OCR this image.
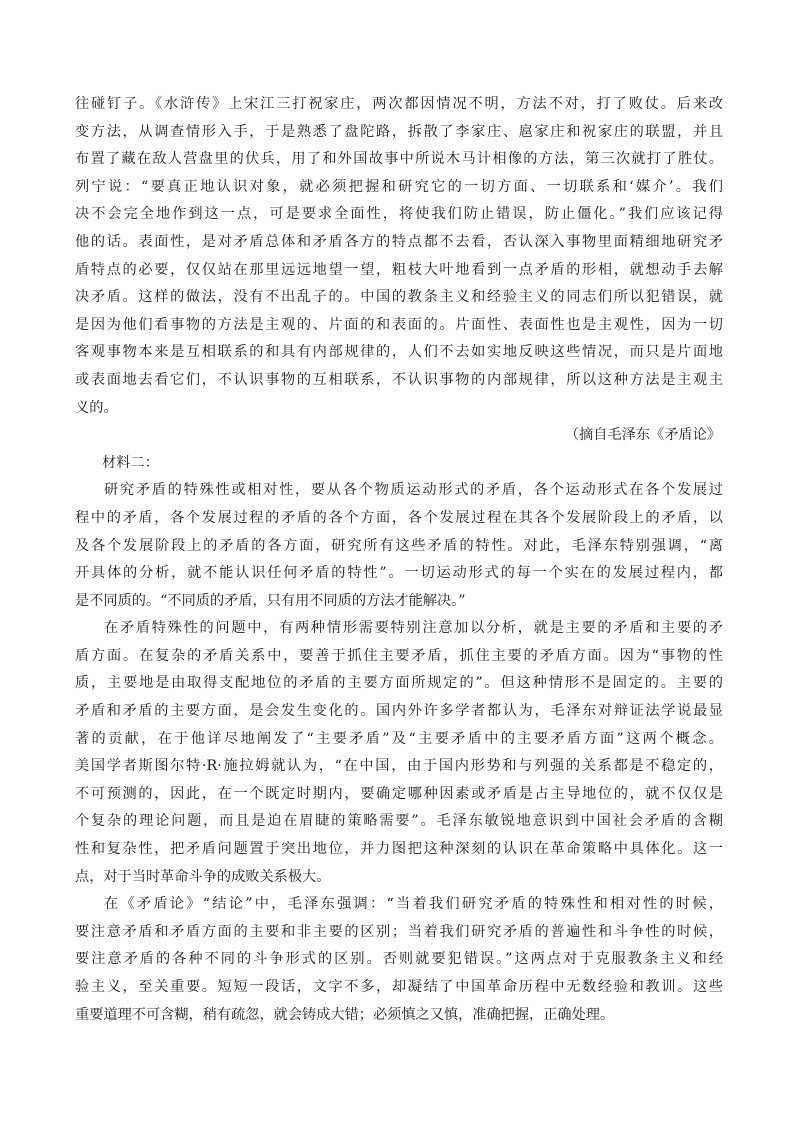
往碰钉子。《水浒传》上宋江三打祝家庄，两次都因情况不明，方法不对，打了败仗。后来改
变方法，从调查情形入手，于是熟悉了盘陀路，拆散了李家庄、扈家庄和祝家庄的联盟，并且
布置了藏在敌人营盘里的伏兵，用了和外国故事中所说木马计相像的方法，第三次就打了胜仗。
列宁说：“要真正地认识对象，就必须把握和研究它的一切方面、一切联系和‘媒介’。我们
决不会完全地作到这一点，可是要求全面性，将使我们防止错误，防止僵化。”我们应该记得
他的话。表面性，是对矛盾总体和矛盾各方的特点都不去看，否认深入事物里面精细地研究矛
盾特点的必要，仅仅站在那里远远地望一望，粗枝大叶地看到一点矛盾的形相，就想动手去解
决矛盾。这样的做法，没有不出乱子的。中国的教条主义和经验主义的同志们所以犯错误，就
是因为他们看事物的方法是主观的、片面的和表面的。片面性、表面性也是主观性，因为一切
客观事物本来是互相联系的和具有内部规律的，人们不去如实地反映这些情况，而只是片面地
或表面地去看它们，不认识事物的互相联系，不认识事物的内部规律，所以这种方法是主观主
义的。
（摘自毛泽东《矛盾论》
材料二：
研究矛盾的特殊性或相对性，要从各个物质运动形式的矛盾，各个运动形式在各个发展过
程中的矛盾，各个发展过程的矛盾的各个方面，各个发展过程在其各个发展阶段上的矛盾，以
及各个发展阶段上的矛盾的各方面，研究所有这些矛盾的特性。对此，毛泽东特别强调，“离
开具体的分析，就不能认识任何矛盾的特性”。一切运动形式的每一个实在的发展过程内，都
是不同质的。“不同质的矛盾，只有用不同质的方法才能解决。”
在矛盾特殊性的问题中，有两种情形需要特别注意加以分析，就是主要的矛盾和主要的矛
盾方面。在复杂的矛盾关系中，要善于抓住主要矛盾，抓住主要的矛盾方面。因为“事物的性
质，主要地是由取得支配地位的矛盾的主要方面所规定的”。但这种情形不是固定的。主要的
矛盾和矛盾的主要方面，是会发生变化的。国内外许多学者都认为，毛泽东对辩证法学说最显
著的贡献，在于他详尽地阐发了“主要矛盾”及“主要矛盾中的主要矛盾方面”这两个概念。
美国学者斯图尔特·R·施拉姆就认为，“在中国，由于国内形势和与列强的关系都是不稳定的，
不可预测的，因此，在一个既定时期内，要确定哪种因素或矛盾是占主导地位的，就不仅仅是
个复杂的理论问题，而且是迫在眉睫的策略需要”。毛泽东敏锐地意识到中国社会矛盾的含糊
性和复杂性，把矛盾问题置于突出地位，并力图把这种深刻的认识在革命策略中具体化。这一
点，对于当时革命斗争的成败关系极大。
在《矛盾论》“结论”中，毛泽东强调：“当着我们研究矛盾的特殊性和相对性的时候，
要注意矛盾和矛盾方面的主要和非主要的区别；当着我们研究矛盾的普遍性和斗争性的时候，
要注意矛盾的各种不同的斗争形式的区别。否则就要犯错误。”这两点对于克服教条主义和经
验主义，至关重要。短短一段话，文字不多，却凝结了中国革命历程中无数经验和教训。这些
重要道理不可含糊，稍有疏忽，就会铸成大错；必须慎之又慎，准确把握，正确处理。
